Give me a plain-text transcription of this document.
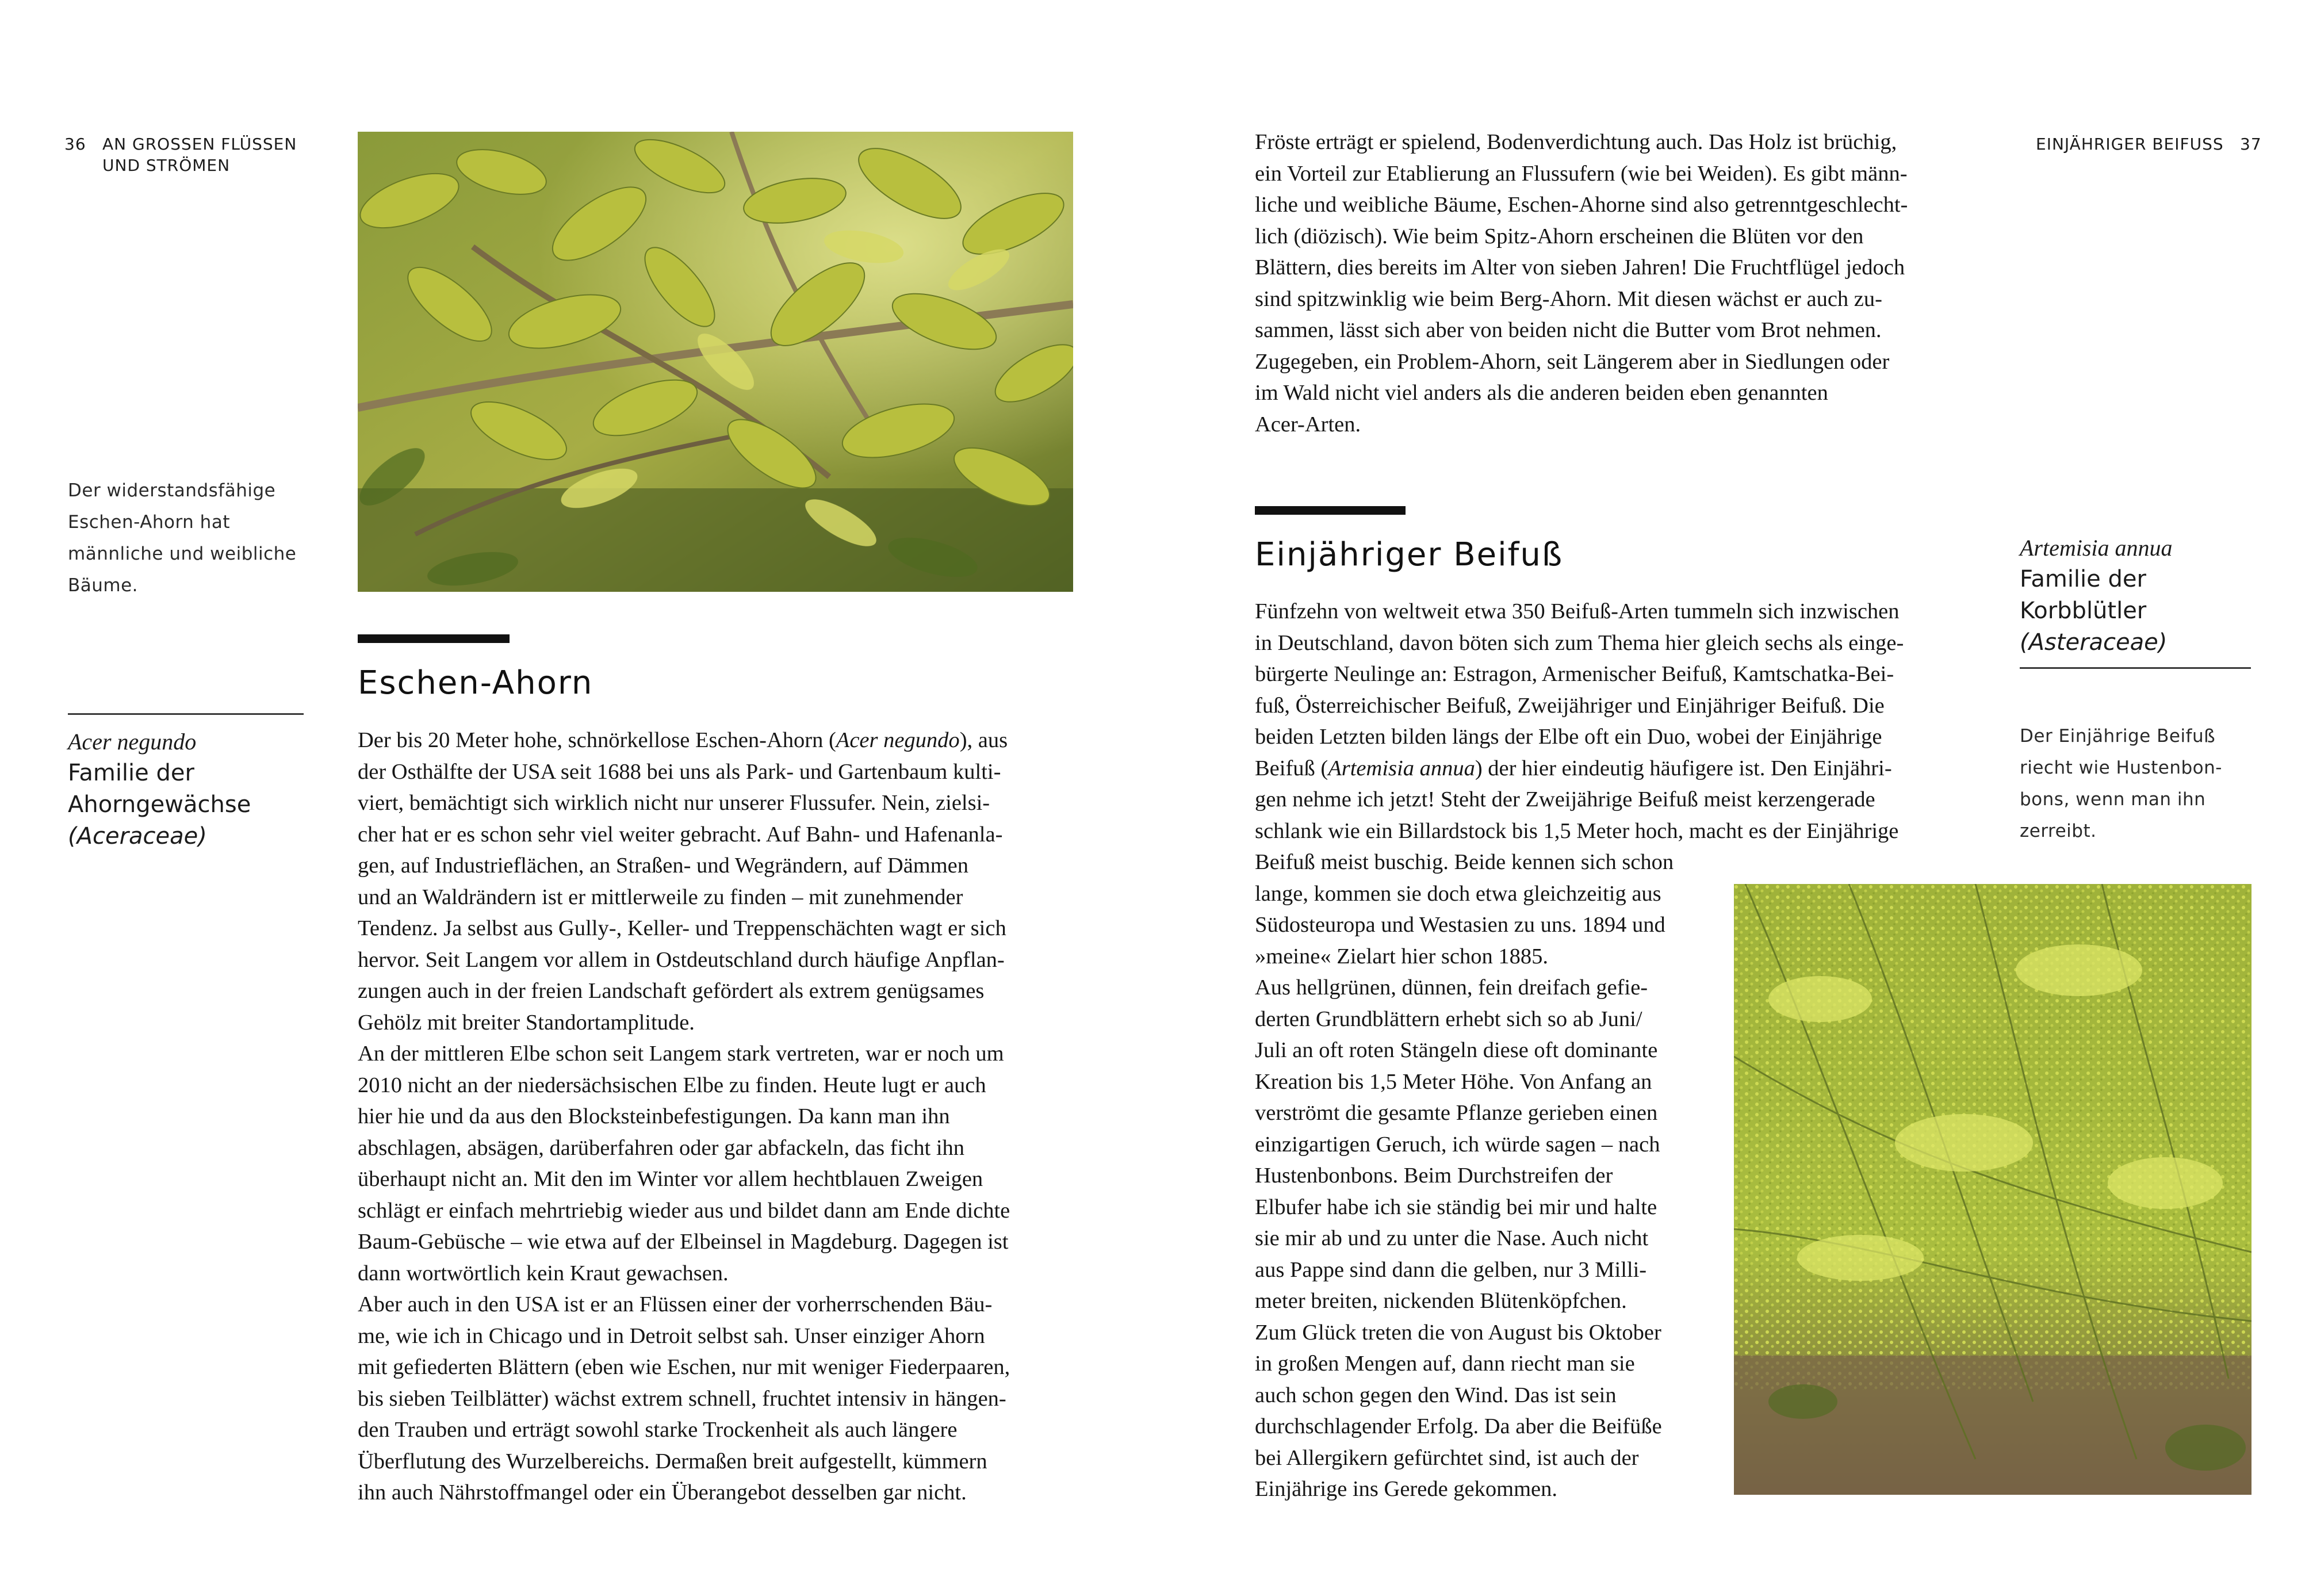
36 AN GROSSEN FLÜSSEN
UND STRÖMEN
Der widerstandsfähige
Eschen-Ahorn hat
männliche und weibliche
Bäume.
Acer negundo
Familie der
Ahorngewächse
(Aceraceae)
Eschen-Ahorn
Der bis 20 Meter hohe, schnörkellose Eschen-Ahorn (Acer negundo), aus
der Osthälfte der USA seit 1688 bei uns als Park- und Gartenbaum kulti-
viert, bemächtigt sich wirklich nicht nur unserer Flussufer. Nein, zielsi-
cher hat er es schon sehr viel weiter gebracht. Auf Bahn- und Hafenanla-
gen, auf Industrieflächen, an Straßen- und Wegrändern, auf Dämmen
und an Waldrändern ist er mittlerweile zu finden – mit zunehmender
Tendenz. Ja selbst aus Gully-, Keller- und Treppenschächten wagt er sich
hervor. Seit Langem vor allem in Ostdeutschland durch häufige Anpflan-
zungen auch in der freien Landschaft gefördert als extrem genügsames
Gehölz mit breiter Standortamplitude.
An der mittleren Elbe schon seit Langem stark vertreten, war er noch um
2010 nicht an der niedersächsischen Elbe zu finden. Heute lugt er auch
hier hie und da aus den Blocksteinbefestigungen. Da kann man ihn
abschlagen, absägen, darüberfahren oder gar abfackeln, das ficht ihn
überhaupt nicht an. Mit den im Winter vor allem hechtblauen Zweigen
schlägt er einfach mehrtriebig wieder aus und bildet dann am Ende dichte
Baum-Gebüsche – wie etwa auf der Elbeinsel in Magdeburg. Dagegen ist
dann wortwörtlich kein Kraut gewachsen.
Aber auch in den USA ist er an Flüssen einer der vorherrschenden Bäu-
me, wie ich in Chicago und in Detroit selbst sah. Unser einziger Ahorn
mit gefiederten Blättern (eben wie Eschen, nur mit weniger Fiederpaaren,
bis sieben Teilblätter) wächst extrem schnell, fruchtet intensiv in hängen-
den Trauben und erträgt sowohl starke Trockenheit als auch längere
Überflutung des Wurzelbereichs. Dermaßen breit aufgestellt, kümmern
ihn auch Nährstoffmangel oder ein Überangebot desselben gar nicht.
EINJÄHRIGER BEIFUSS 37
Fröste erträgt er spielend, Bodenverdichtung auch. Das Holz ist brüchig,
ein Vorteil zur Etablierung an Flussufern (wie bei Weiden). Es gibt männ-
liche und weibliche Bäume, Eschen-Ahorne sind also getrenntgeschlecht-
lich (diözisch). Wie beim Spitz-Ahorn erscheinen die Blüten vor den
Blättern, dies bereits im Alter von sieben Jahren! Die Fruchtflügel jedoch
sind spitzwinklig wie beim Berg-Ahorn. Mit diesen wächst er auch zu-
sammen, lässt sich aber von beiden nicht die Butter vom Brot nehmen.
Zugegeben, ein Problem-Ahorn, seit Längerem aber in Siedlungen oder
im Wald nicht viel anders als die anderen beiden eben genannten
Acer-Arten.
Einjähriger Beifuß	Artemisia annua
Familie der
Korbblütler
(Asteraceae)
Der Einjährige Beifuß
riecht wie Hustenbon-
bons, wenn man ihn
zerreibt.
Fünfzehn von weltweit etwa 350 Beifuß-Arten tummeln sich inzwischen
in Deutschland, davon böten sich zum Thema hier gleich sechs als einge-
bürgerte Neulinge an: Estragon, Armenischer Beifuß, Kamtschatka-Bei-
fuß, Österreichischer Beifuß, Zweijähriger und Einjähriger Beifuß. Die
beiden Letzten bilden längs der Elbe oft ein Duo, wobei der Einjährige
Beifuß (Artemisia annua) der hier eindeutig häufigere ist. Den Einjähri-
gen nehme ich jetzt! Steht der Zweijährige Beifuß meist kerzengerade
schlank wie ein Billardstock bis 1,5 Meter hoch, macht es der Einjährige
Beifuß meist buschig. Beide kennen sich schon
lange, kommen sie doch etwa gleichzeitig aus
Südosteuropa und Westasien zu uns. 1894 und
»meine« Zielart hier schon 1885.
Aus hellgrünen, dünnen, fein dreifach gefie-
derten Grundblättern erhebt sich so ab Juni/
Juli an oft roten Stängeln diese oft dominante
Kreation bis 1,5 Meter Höhe. Von Anfang an
verströmt die gesamte Pflanze gerieben einen
einzigartigen Geruch, ich würde sagen – nach
Hustenbonbons. Beim Durchstreifen der
Elbufer habe ich sie ständig bei mir und halte
sie mir ab und zu unter die Nase. Auch nicht
aus Pappe sind dann die gelben, nur 3 Milli-
meter breiten, nickenden Blütenköpfchen.
Zum Glück treten die von August bis Oktober
in großen Mengen auf, dann riecht man sie
auch schon gegen den Wind. Das ist sein
durchschlagender Erfolg. Da aber die Beifüße
bei Allergikern gefürchtet sind, ist auch der
Einjährige ins Gerede gekommen.
